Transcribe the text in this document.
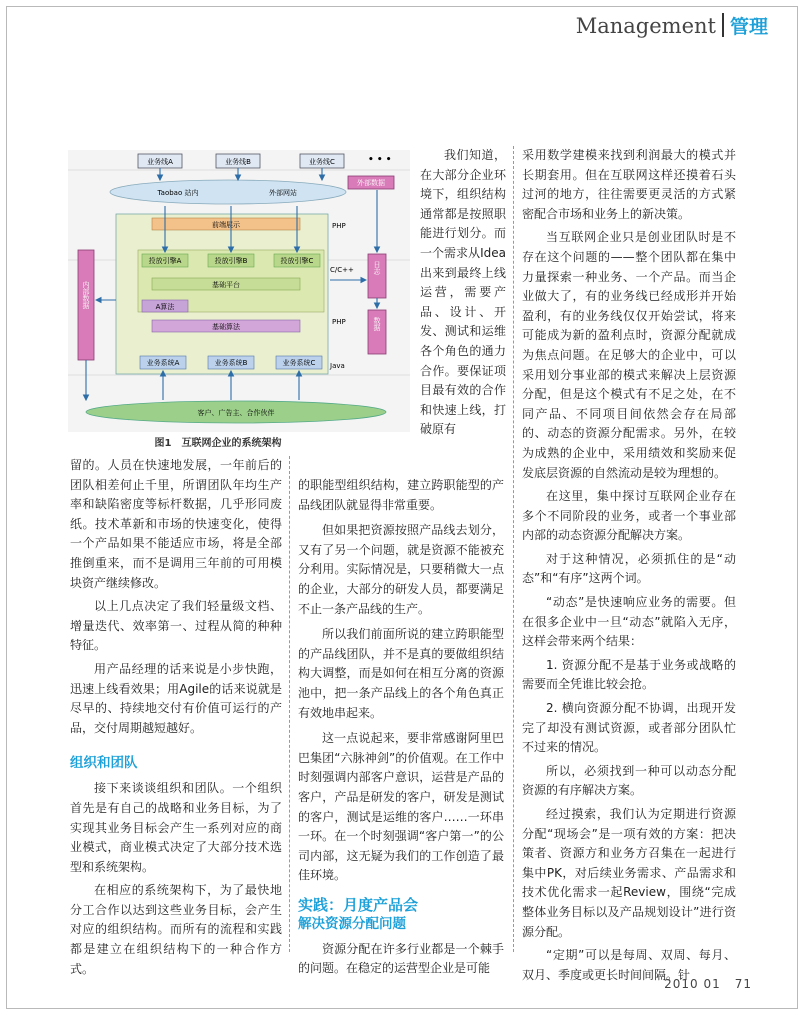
Management 管理
业务线A	业务线B	业务线C	• • •
外部数据
Taobao 站内	外部网站
前端展示	PHP
投放引擎A	投放引擎B	投放引擎C
C/C++
基础平台
A算法
基础算法
PHP
业务系统A	业务系统B	业务系统C Java
内部数据
日志
数据
客户、广告主、合作伙伴
图1　互联网企业的系统架构

我们知道，在大部分企业环境下，组织结构通常都是按照职能进行划分。而一个需求从Idea出来到最终上线运营，需要产品、设计、开发、测试和运维各个角色的通力合作。要保证项目最有效的合作和快速上线，打破原有

留的。人员在快速地发展，一年前后的团队相差何止千里，所谓团队年均生产率和缺陷密度等标杆数据，几乎形同废纸。技术革新和市场的快速变化，使得一个产品如果不能适应市场，将是全部推倒重来，而不是调用三年前的可用模块资产继续修改。

以上几点决定了我们轻量级文档、增量迭代、效率第一、过程从简的种种特征。

用产品经理的话来说是小步快跑，迅速上线看效果；用Agile的话来说就是尽早的、持续地交付有价值可运行的产品，交付周期越短越好。

组织和团队

接下来谈谈组织和团队。一个组织首先是有自己的战略和业务目标，为了实现其业务目标会产生一系列对应的商业模式，商业模式决定了大部分技术选型和系统架构。

在相应的系统架构下，为了最快地分工合作以达到这些业务目标，会产生对应的组织结构。而所有的流程和实践都是建立在组织结构下的一种合作方式。

的职能型组织结构，建立跨职能型的产品线团队就显得非常重要。

但如果把资源按照产品线去划分，又有了另一个问题，就是资源不能被充分利用。实际情况是，只要稍微大一点的企业，大部分的研发人员，都要满足不止一条产品线的生产。

所以我们前面所说的建立跨职能型的产品线团队，并不是真的要做组织结构大调整，而是如何在相互分离的资源池中，把一条产品线上的各个角色真正有效地串起来。

这一点说起来，要非常感谢阿里巴巴集团“六脉神剑”的价值观。在工作中时刻强调内部客户意识，运营是产品的客户，产品是研发的客户，研发是测试的客户，测试是运维的客户……一环串一环。在一个时刻强调“客户第一”的公司内部，这无疑为我们的工作创造了最佳环境。

实践：月度产品会
解决资源分配问题

资源分配在许多行业都是一个棘手的问题。在稳定的运营型企业是可能

采用数学建模来找到利润最大的模式并长期套用。但在互联网这样还摸着石头过河的地方，往往需要更灵活的方式紧密配合市场和业务上的新决策。

当互联网企业只是创业团队时是不存在这个问题的——整个团队都在集中力量探索一种业务、一个产品。而当企业做大了，有的业务线已经成形并开始盈利，有的业务线仅仅开始尝试，将来可能成为新的盈利点时，资源分配就成为焦点问题。在足够大的企业中，可以采用划分事业部的模式来解决上层资源分配，但是这个模式有不足之处，在不同产品、不同项目间依然会存在局部的、动态的资源分配需求。另外，在较为成熟的企业中，采用绩效和奖励来促发底层资源的自然流动是较为理想的。

在这里，集中探讨互联网企业存在多个不同阶段的业务，或者一个事业部内部的动态资源分配解决方案。

对于这种情况，必须抓住的是“动态”和“有序”这两个词。

“动态”是快速响应业务的需要。但在很多企业中一旦“动态”就陷入无序，这样会带来两个结果：

1. 资源分配不是基于业务或战略的需要而全凭谁比较会抢。

2. 横向资源分配不协调，出现开发完了却没有测试资源，或者部分团队忙不过来的情况。

所以，必须找到一种可以动态分配资源的有序解决方案。

经过摸索，我们认为定期进行资源分配“现场会”是一项有效的方案：把决策者、资源方和业务方召集在一起进行集中PK，对后续业务需求、产品需求和技术优化需求一起Review，围绕“完成整体业务目标以及产品规划设计”进行资源分配。

“定期”可以是每周、双周、每月、双月、季度或更长时间间隔。针

2010 01 71
